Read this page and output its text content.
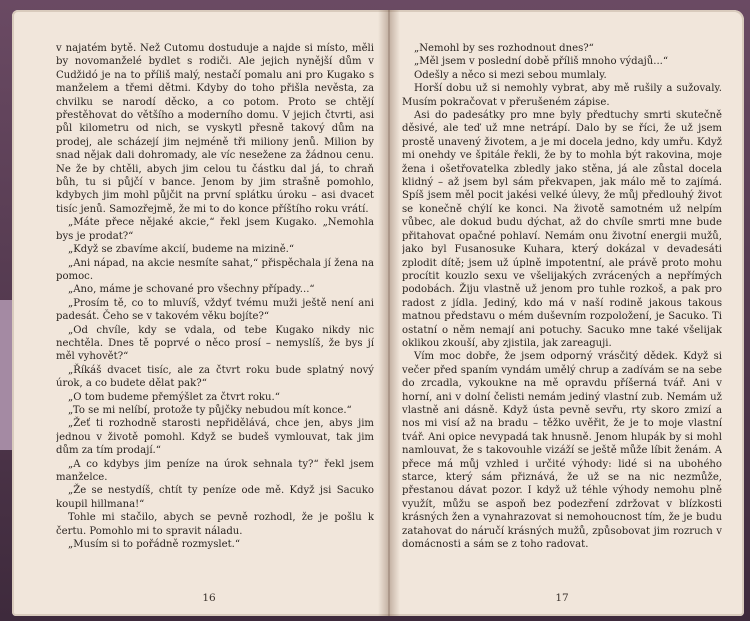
v najatém bytě. Než Cutomu dostuduje a najde si místo, měli by novomanželé bydlet s rodiči. Ale jejich nynější dům v Cudžidó je na to příliš malý, nestačí pomalu ani pro Kugako s manželem a třemi dětmi. Kdyby do toho přišla nevěsta, za chvilku se narodí děcko, a co potom. Proto se chtějí přestěhovat do většího a moderního domu. V jejich čtvrti, asi půl kilometru od nich, se vyskytl přesně takový dům na prodej, ale scházejí jim nejméně tři miliony jenů. Milion by snad nějak dali dohromady, ale víc nesežene za žádnou cenu. Ne že by chtěli, abych jim celou tu částku dal já, to chraň bůh, tu si půjčí v bance. Jenom by jim strašně pomohlo, kdybych jim mohl půjčit na první splátku úroku – asi dvacet tisíc jenů. Samozřejmě, že mi to do konce příštího roku vrátí.

„Máte přece nějaké akcie,“ řekl jsem Kugako. „Nemohla bys je prodat?“

„Když se zbavíme akcií, budeme na mizině.“

„Ani nápad, na akcie nesmíte sahat,“ přispěchala jí žena na pomoc.

„Ano, máme je schované pro všechny případy...“

„Prosím tě, co to mluvíš, vždyť tvému muži ještě není ani padesát. Čeho se v takovém věku bojíte?“

„Od chvíle, kdy se vdala, od tebe Kugako nikdy nic nechtěla. Dnes tě poprvé o něco prosí – nemyslíš, že bys jí měl vyhovět?“

„Říkáš dvacet tisíc, ale za čtvrt roku bude splatný nový úrok, a co budete dělat pak?“

„O tom budeme přemýšlet za čtvrt roku.“

„To se mi nelíbí, protože ty půjčky nebudou mít konce.“

„Žeť ti rozhodně starosti nepřidělává, chce jen, abys jim jednou v životě pomohl. Když se budeš vymlouvat, tak jim dům za tím prodají.“

„A co kdybys jim peníze na úrok sehnala ty?“ řekl jsem manželce.

„Že se nestydíš, chtít ty peníze ode mě. Když jsi Sacuko koupil hillmana!“

Tohle mi stačilo, abych se pevně rozhodl, že je pošlu k čertu. Pomohlo mi to spravit náladu.

„Musím si to pořádně rozmyslet.“

16

„Nemohl by ses rozhodnout dnes?“

„Měl jsem v poslední době příliš mnoho výdajů...“

Odešly a něco si mezi sebou mumlaly.

Horší dobu už si nemohly vybrat, aby mě rušily a sužovaly. Musím pokračovat v přerušeném zápise.

Asi do padesátky pro mne byly předtuchy smrti skutečně děsivé, ale teď už mne netrápí. Dalo by se říci, že už jsem prostě unavený životem, a je mi docela jedno, kdy umřu. Když mi onehdy ve špitále řekli, že by to mohla být rakovina, moje žena i ošetřovatelka zbledly jako stěna, já ale zůstal docela klidný – až jsem byl sám překvapen, jak málo mě to zajímá. Spíš jsem měl pocit jakési velké úlevy, že můj předlouhý život se konečně chýlí ke konci. Na životě samotném už nelpím vůbec, ale dokud budu dýchat, až do chvíle smrti mne bude přitahovat opačné pohlaví. Nemám onu životní energii mužů, jako byl Fusanosuke Kuhara, který dokázal v devadesáti zplodit dítě; jsem už úplně impotentní, ale právě proto mohu procítit kouzlo sexu ve všelijakých zvrácených a nepřímých podobách. Žiju vlastně už jenom pro tuhle rozkoš, a pak pro radost z jídla. Jediný, kdo má v naší rodině jakous takous matnou představu o mém duševním rozpoložení, je Sacuko. Ti ostatní o něm nemají ani potuchy. Sacuko mne také všelijak oklikou zkouší, aby zjistila, jak zareaguji.

Vím moc dobře, že jsem odporný vrásčitý dědek. Když si večer před spaním vyndám umělý chrup a zadívám se na sebe do zrcadla, vykoukne na mě opravdu příšerná tvář. Ani v horní, ani v dolní čelisti nemám jediný vlastní zub. Nemám už vlastně ani dásně. Když ústa pevně sevřu, rty skoro zmizí a nos mi visí až na bradu – těžko uvěřit, že je to moje vlastní tvář. Ani opice nevypadá tak hnusně. Jenom hlupák by si mohl namlouvat, že s takovouhle vizáží se ještě může líbit ženám. A přece má můj vzhled i určité výhody: lidé si na ubohého starce, který sám přiznává, že už se na nic nezmůže, přestanou dávat pozor. I když už téhle výhody nemohu plně využít, můžu se aspoň bez podezření zdržovat v blízkosti krásných žen a vynahrazovat si nemohoucnost tím, že je budu zatahovat do náručí krásných mužů, způsobovat jim rozruch v domácnosti a sám se z toho radovat.

17
